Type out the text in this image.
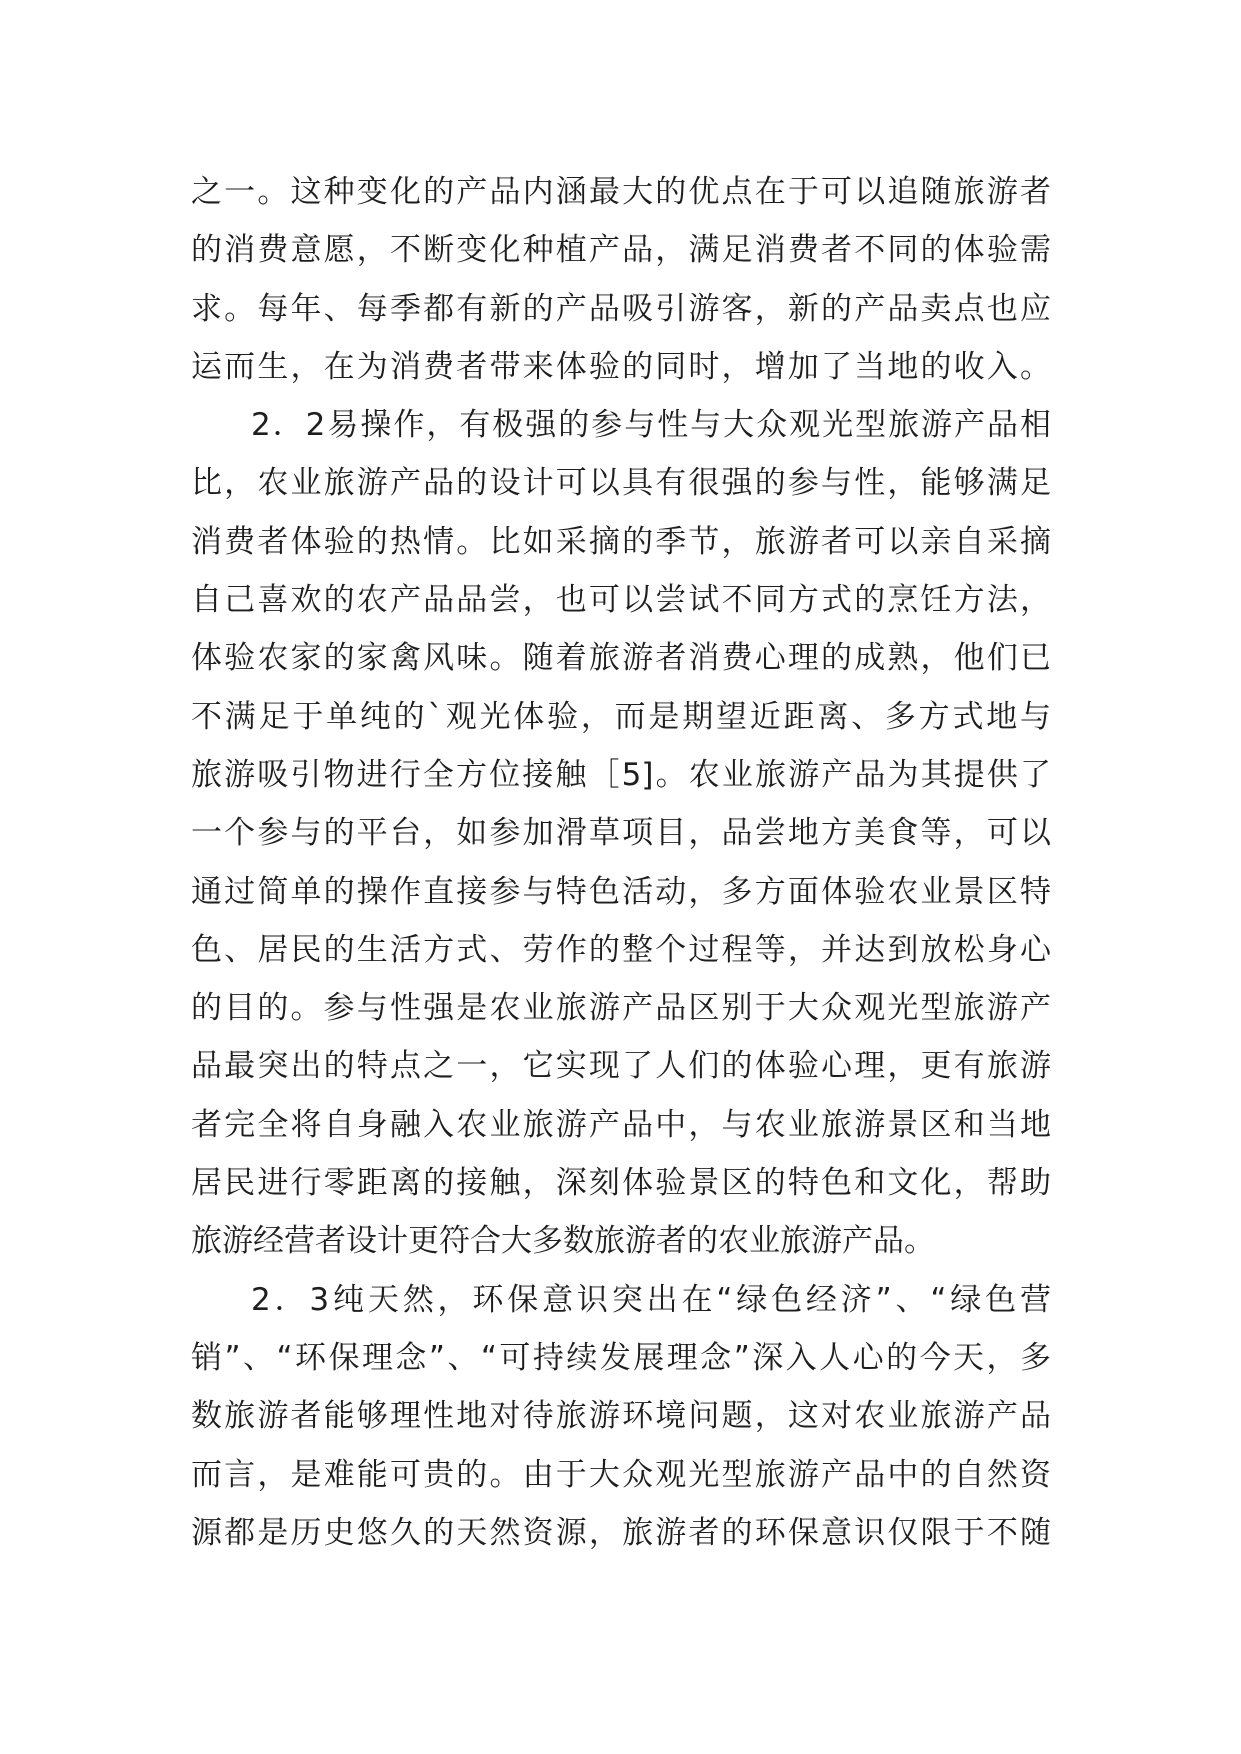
之一。这种变化的产品内涵最大的优点在于可以追随旅游者
的消费意愿，不断变化种植产品，满足消费者不同的体验需
求。每年、每季都有新的产品吸引游客，新的产品卖点也应
运而生，在为消费者带来体验的同时，增加了当地的收入。
2．2易操作，有极强的参与性与大众观光型旅游产品相
比，农业旅游产品的设计可以具有很强的参与性，能够满足
消费者体验的热情。比如采摘的季节，旅游者可以亲自采摘
自己喜欢的农产品品尝，也可以尝试不同方式的烹饪方法，
体验农家的家禽风味。随着旅游者消费心理的成熟，他们已
不满足于单纯的`观光体验，而是期望近距离、多方式地与
旅游吸引物进行全方位接触［5]。农业旅游产品为其提供了
一个参与的平台，如参加滑草项目，品尝地方美食等，可以
通过简单的操作直接参与特色活动，多方面体验农业景区特
色、居民的生活方式、劳作的整个过程等，并达到放松身心
的目的。参与性强是农业旅游产品区别于大众观光型旅游产
品最突出的特点之一，它实现了人们的体验心理，更有旅游
者完全将自身融入农业旅游产品中，与农业旅游景区和当地
居民进行零距离的接触，深刻体验景区的特色和文化，帮助
旅游经营者设计更符合大多数旅游者的农业旅游产品。
2．3纯天然，环保意识突出在“绿色经济”、“绿色营
销”、“环保理念”、“可持续发展理念”深入人心的今天，多
数旅游者能够理性地对待旅游环境问题，这对农业旅游产品
而言，是难能可贵的。由于大众观光型旅游产品中的自然资
源都是历史悠久的天然资源，旅游者的环保意识仅限于不随
